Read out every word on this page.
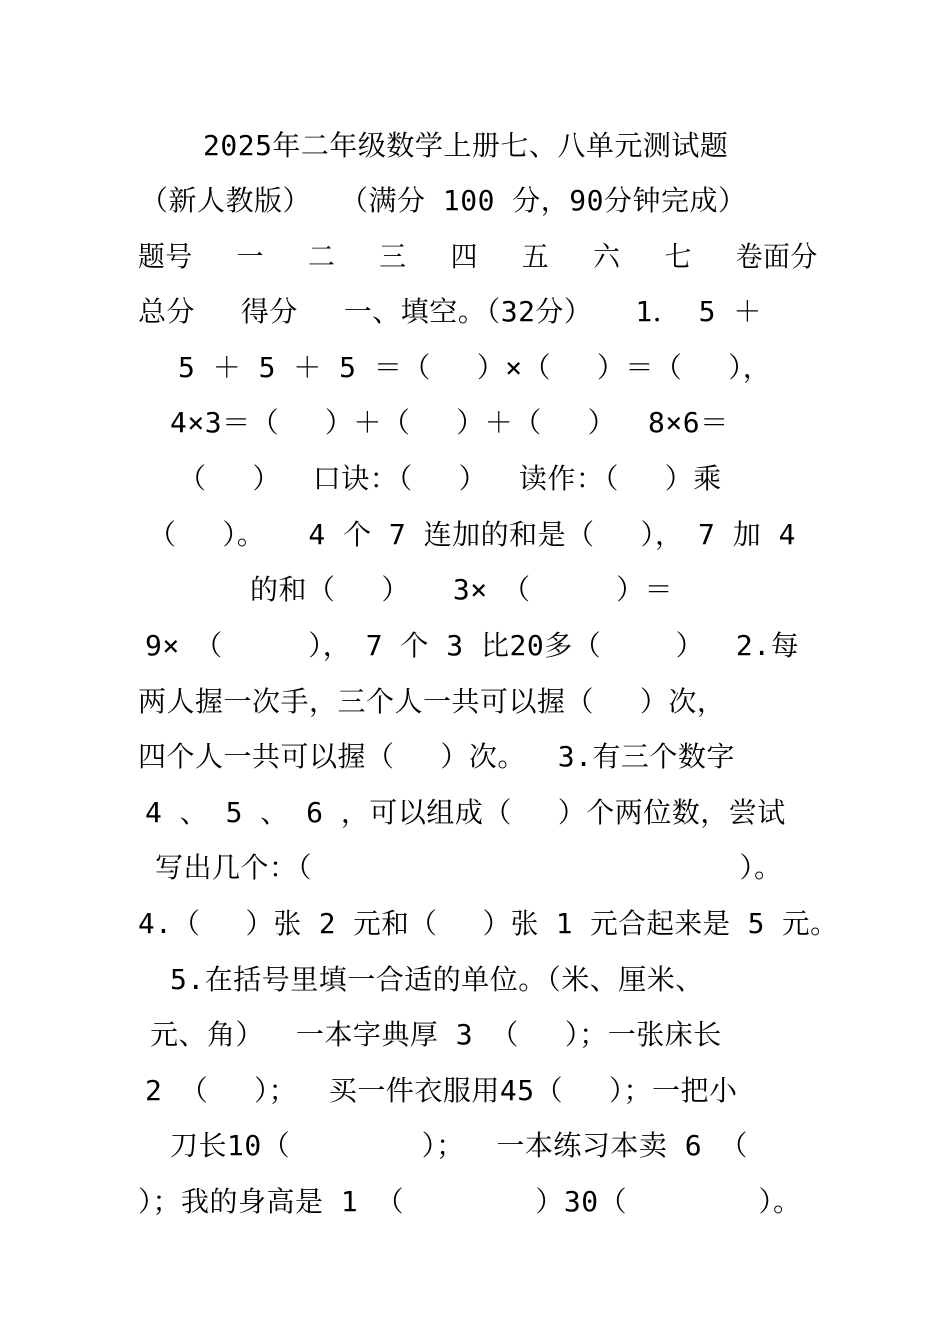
2025年二年级数学上册七、八单元测试题
（新人教版）　　（满分 100 分，90分钟完成）
题号　 一　 二　 三　 四　 五　 六　 七　 卷面分
总分　 得分　 一、填空。（32分）　　1． 5 ＋
5 ＋ 5 ＋ 5 ＝（　 ）×（　 ）＝（　 ），
4×3＝（　 ）＋（　 ）＋（　 ）　 8×6＝
（　 ）　 口诀：（　 ）　 读作：（　 ）乘
（　 ）。　　4 个 7 连加的和是（　 ），　7 加 4
的和（　 ）　　3×　（　　　）＝
9×　（　　　），　7 个 3 比20多（　　 ）　 2.每
两人握一次手，三个人一共可以握（　 ）次，
四个人一共可以握（　 ）次。　 3.有三个数字
4 、 5 、 6 ，可以组成（　 ）个两位数，尝试
写出几个：（　　　　　　　　　　　　　　　）。
4.（　 ）张 2 元和（　 ）张 1 元合起来是 5 元。
5.在括号里填一合适的单位。（米、厘米、
元、角）　 一本字典厚 3 （　 ）；一张床长
2 （　 ）；　 买一件衣服用45（　 ）；一把小
刀长10（　　　　 ）；　 一本练习本卖 6 （
）；我的身高是 1 （　　　　 ）30（　　　　 ）。
